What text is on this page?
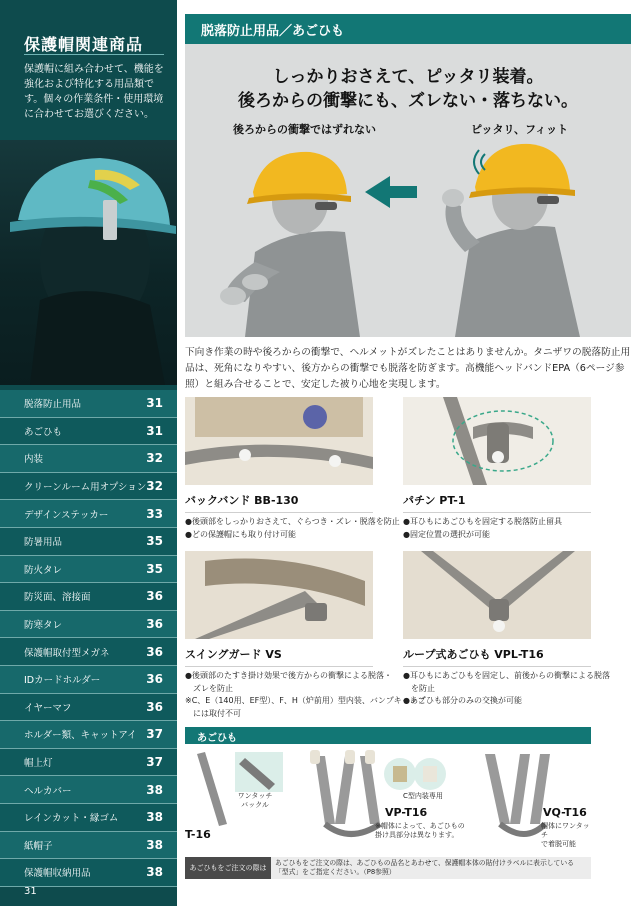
保護帽関連商品
保護帽に組み合わせて、機能を強化および特化する用品類です。個々の作業条件・使用環境に合わせてお選びください。
脱落防止用品	31
あごひも	31
内装	32
クリーンルーム用オプション 32
デザインステッカー	33
防暑用品	35
防火タレ	35
防災面、溶接面	36
防寒タレ	36
保護帽取付型メガネ	36
IDカードホルダー	36
イヤーマフ	36
ホルダー類、キャットアイ 37
帽上灯	37
ヘルカバー	38
レインカット・縁ゴム 38
紙帽子	38
保護帽収納用品	38
31
脱落防止用品／あごひも
しっかりおさえて、ピッタリ装着。
後ろからの衝撃にも、ズレない・落ちない。
後ろからの衝撃ではずれない	ピッタリ、フィット
下向き作業の時や後ろからの衝撃で、ヘルメットがズレたことはありませんか。タニザワの脱落防止用品は、死角になりやすい、後方からの衝撃でも脱落を防ぎます。高機能ヘッドバンドEPA（6ページ参照）と組み合せることで、安定した被り心地を実現します。
バックバンド BB-130
●後頭部をしっかりおさえて、ぐらつき・ズレ・脱落を防止
●どの保護帽にも取り付け可能
パチン PT-1
●耳ひもにあごひもを固定する脱落防止留具
●固定位置の選択が可能
スイングガード VS
●後頭部のたすき掛け効果で後方からの衝撃による脱落・
　ズレを防止
※C、E（140用、EF型）、F、H（炉前用）型内装、バンプキャップ
　には取付不可
ループ式あごひも VPL-T16
●耳ひもにあごひもを固定し、前後からの衝撃による脱落
　を防止
●あごひも部分のみの交換が可能
あごひも
T-16
ワンタッチ
バックル
VP-T16
※帽体によって、あごひもの
掛け具部分は異なります。
C型内装専用
VQ-T16
帽体にワンタッチ
で着脱可能
あごひもをご注文の際は
あごひもをご注文の際は、あごひもの品名とあわせて、保護帽本体の貼付けラベルに表示している「型式」をご指定ください。（P8参照）
